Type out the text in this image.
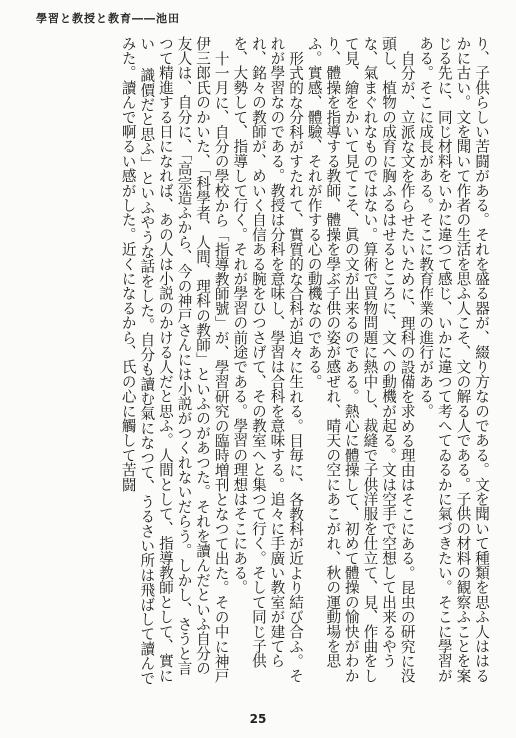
學習と教授と教育――池田

り、子供らしい苦闘がある。それを盛る器が、綴り方なのである。文を聞いて種類を思ふ人ははるかに古い。文を聞いて作者の生活を思ふ人こそ、文の解る人である。子供の材料の観察ふことを案じる先に、同じ材料をいかに違つて感じ、いかに違つて考へてゐるかに氣づきたい。そこに學習がある。そこに成長がある。そこに教育作業の進行がある。

自分が、立派な文を作らせたいために、理科の設備を求める理由はそこにある。昆虫の研究に没頭し、植物の成育に胸ふるはせるところに、文への動機が起る。文は空手で空想して出来るやうな、氣まぐれなものではない。算術で買物問題に熱中し、裁縫で子供洋服を仕立て、見、作曲をして見、繪をかいて見てこそ、眞の文が出来るのである。熱心に體操して、初めて體操の愉快がわかり、體操を指導する教師、體操を學ぶ子供の姿が感ぜれ、晴天の空にあこがれ、秋の運動場を思ふ。實感、體驗、それが作する心の動機なのである。

形式的な分科がすたれて、實質的な合科が追々に生れる。目毎に、各教科が近より結び合ふ。それが學習なのである。教授は分科を意味し、學習は合科を意味する。追々に手廣い教室が建てられ、銘々の教師が、めいく自信ある腕をひつさげて、その教室へと集つて行く。そして同じ子供を、大勢して、指導して行く。それが學習の前途である。學習の理想はそこにある。

十一月に、自分の學校から「指導教師號」が、學習研究の臨時増刊となつて出た。その中に神戸伊三郎氏のかいた、「科學者、人間、理科の教師」といふのがあつた。それを讀んだといふ自分の友人は、自分に、「高宗造ふから、今の神戸さんには小説がつくれないだらう。しかし、さうと言つて精進する日になれば、あの人は小説のかける人だと思ふ。人間として、指導教師として、實にい 識價だと思ふ」といふやうな話をした。自分も讀む氣になつて、うるさい所は飛ばして讀んでみた。讀んで啊るい感がした。近くになるから、氏の心に觸して苦闘

25
